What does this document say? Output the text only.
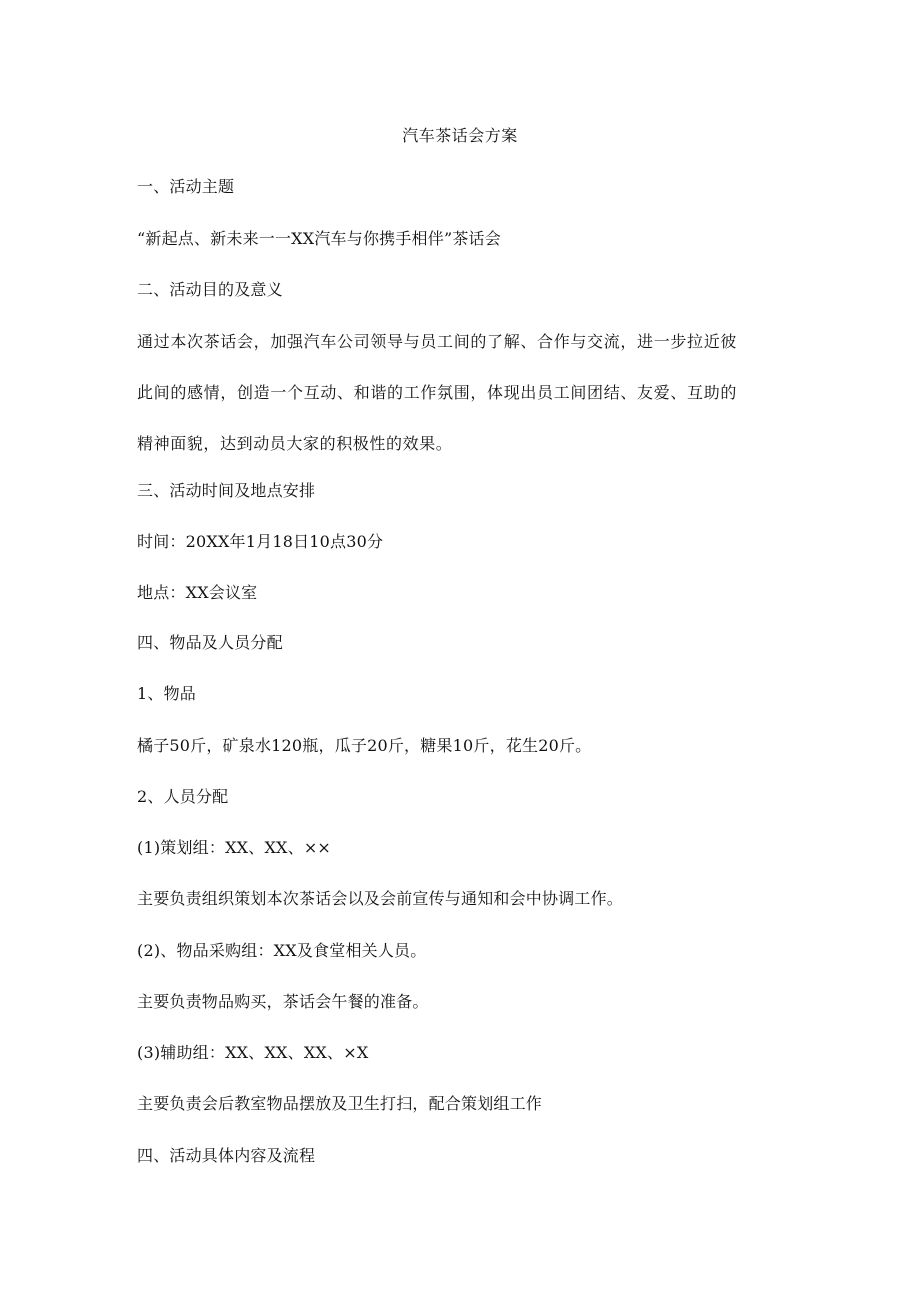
汽车茶话会方案
一、活动主题
“新起点、新未来一一XX汽车与你携手相伴”茶话会
二、活动目的及意义
通过本次茶话会，加强汽车公司领导与员工间的了解、合作与交流，进一步拉近彼此间的感情，创造一个互动、和谐的工作氛围，体现出员工间团结、友爱、互助的精神面貌，达到动员大家的积极性的效果。
三、活动时间及地点安排
时间：20XX年1月18日10点30分
地点：XX会议室
四、物品及人员分配
1、物品
橘子50斤，矿泉水120瓶，瓜子20斤，糖果10斤，花生20斤。
2、人员分配
(1)策划组：XX、XX、××
主要负责组织策划本次茶话会以及会前宣传与通知和会中协调工作。
(2)、物品采购组：XX及食堂相关人员。
主要负责物品购买，茶话会午餐的准备。
(3)辅助组：XX、XX、XX、×X
主要负责会后教室物品摆放及卫生打扫，配合策划组工作
四、活动具体内容及流程
